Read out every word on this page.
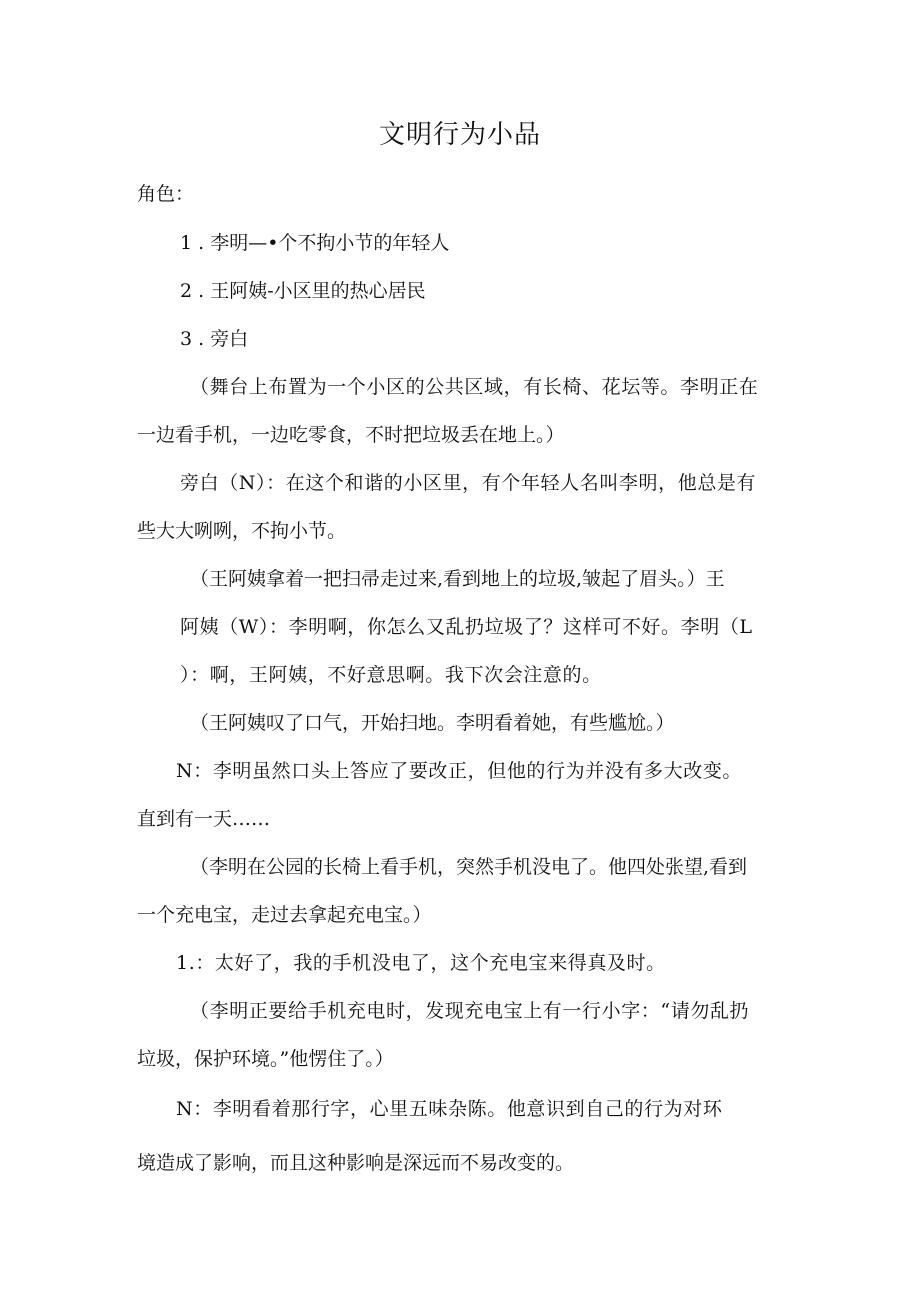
文明行为小品

角色：

1 . 李明—•个不拘小节的年轻人

2 . 王阿姨-小区里的热心居民

3 . 旁白

（舞台上布置为一个小区的公共区域，有长椅、花坛等。李明正在

一边看手机，一边吃零食，不时把垃圾丢在地上。）

旁白（N）：在这个和谐的小区里，有个年轻人名叫李明，他总是有

些大大咧咧，不拘小节。

（王阿姨拿着一把扫帚走过来,看到地上的垃圾,皱起了眉头。）王

阿姨（W）：李明啊，你怎么又乱扔垃圾了？这样可不好。李明（L

）：啊，王阿姨，不好意思啊。我下次会注意的。

（王阿姨叹了口气，开始扫地。李明看着她，有些尴尬。）

N：李明虽然口头上答应了要改正，但他的行为并没有多大改变。

直到有一天……

（李明在公园的长椅上看手机，突然手机没电了。他四处张望,看到

一个充电宝，走过去拿起充电宝。）

1.：太好了，我的手机没电了，这个充电宝来得真及时。

（李明正要给手机充电时，发现充电宝上有一行小字：“请勿乱扔

垃圾，保护环境。”他愣住了。）

N：李明看着那行字，心里五味杂陈。他意识到自己的行为对环

境造成了影响，而且这种影响是深远而不易改变的。
